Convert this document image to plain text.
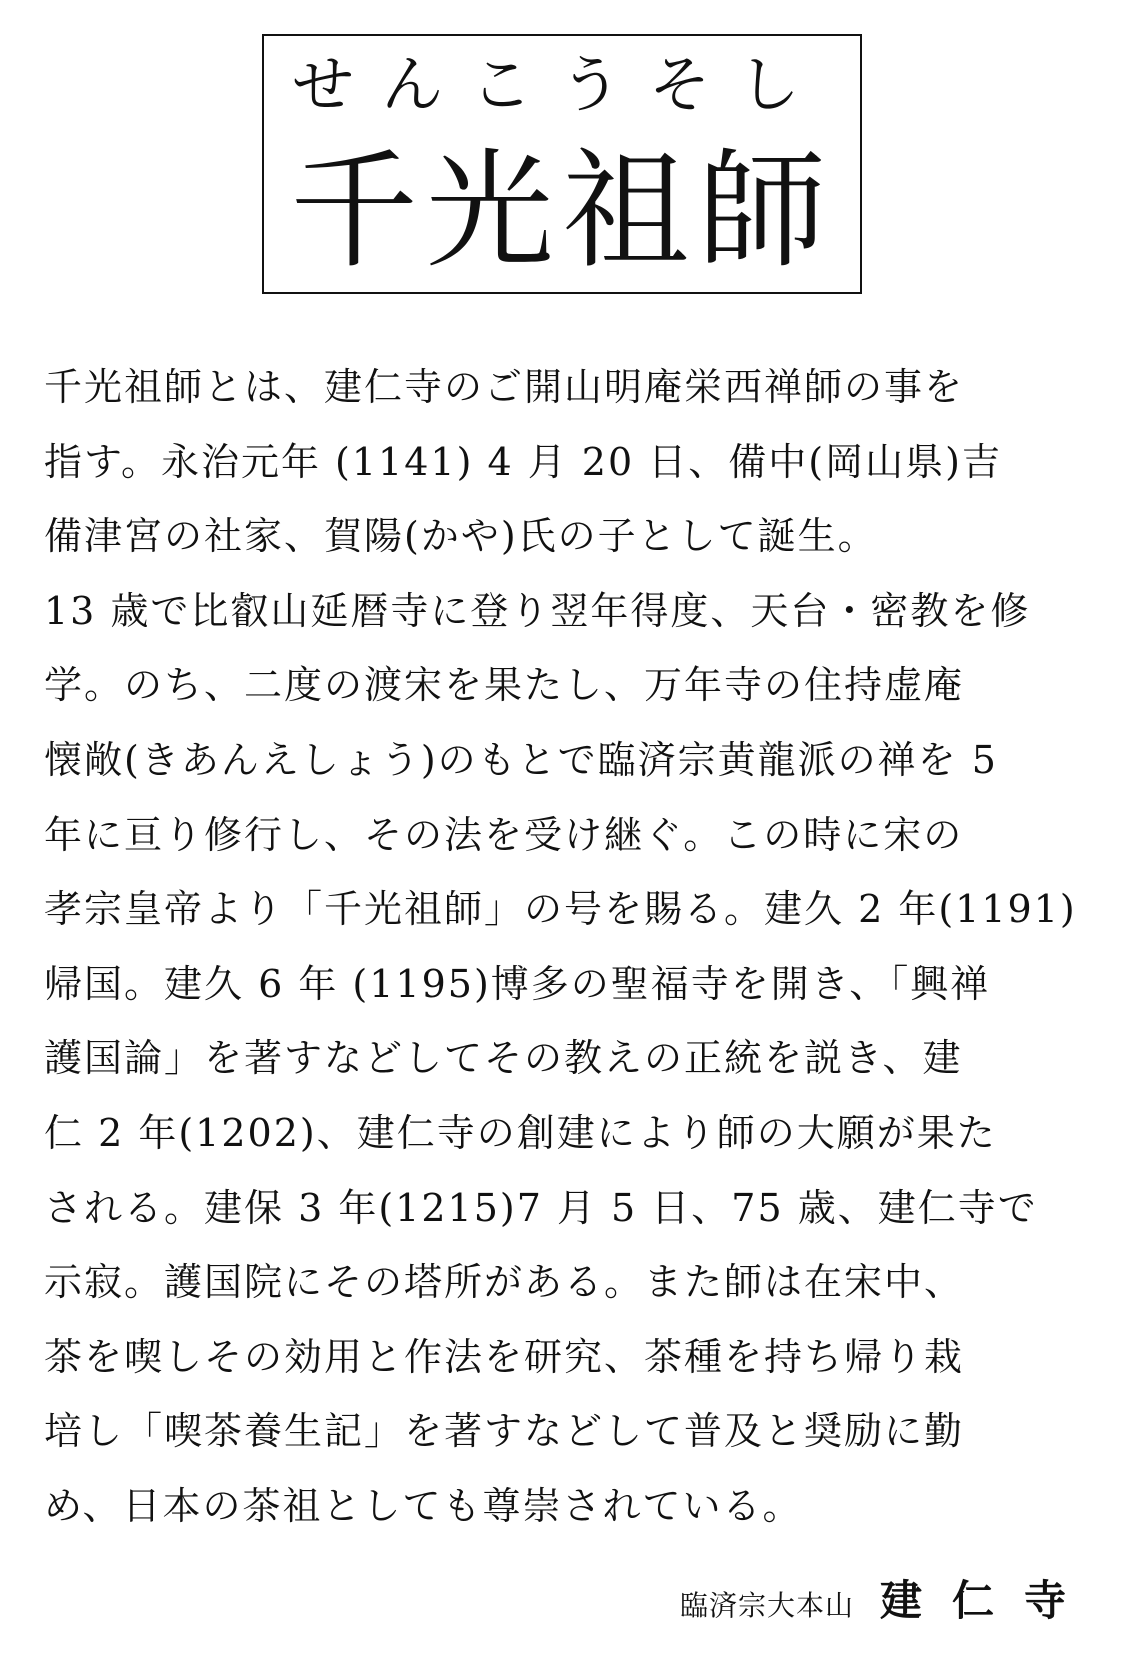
せ ん こ う そ し
千光祖師
千光祖師とは、建仁寺のご開山明庵栄西禅師の事を
指す。永治元年 (1141) 4 月 20 日、備中(岡山県)吉
備津宮の社家、賀陽(かや)氏の子として誕生。
13 歳で比叡山延暦寺に登り翌年得度、天台・密教を修
学。のち、二度の渡宋を果たし、万年寺の住持虚庵
懐敞(きあんえしょう)のもとで臨済宗黄龍派の禅を 5
年に亘り修行し、その法を受け継ぐ。この時に宋の
孝宗皇帝より「千光祖師」の号を賜る。建久 2 年(1191)
帰国。建久 6 年 (1195)博多の聖福寺を開き、「興禅
護国論」を著すなどしてその教えの正統を説き、建
仁 2 年(1202)、建仁寺の創建により師の大願が果た
される。建保 3 年(1215)7 月 5 日、75 歳、建仁寺で
示寂。護国院にその塔所がある。また師は在宋中、
茶を喫しその効用と作法を研究、茶種を持ち帰り栽
培し「喫茶養生記」を著すなどして普及と奨励に勤
め、日本の茶祖としても尊崇されている。
臨済宗大本山 建仁寺
